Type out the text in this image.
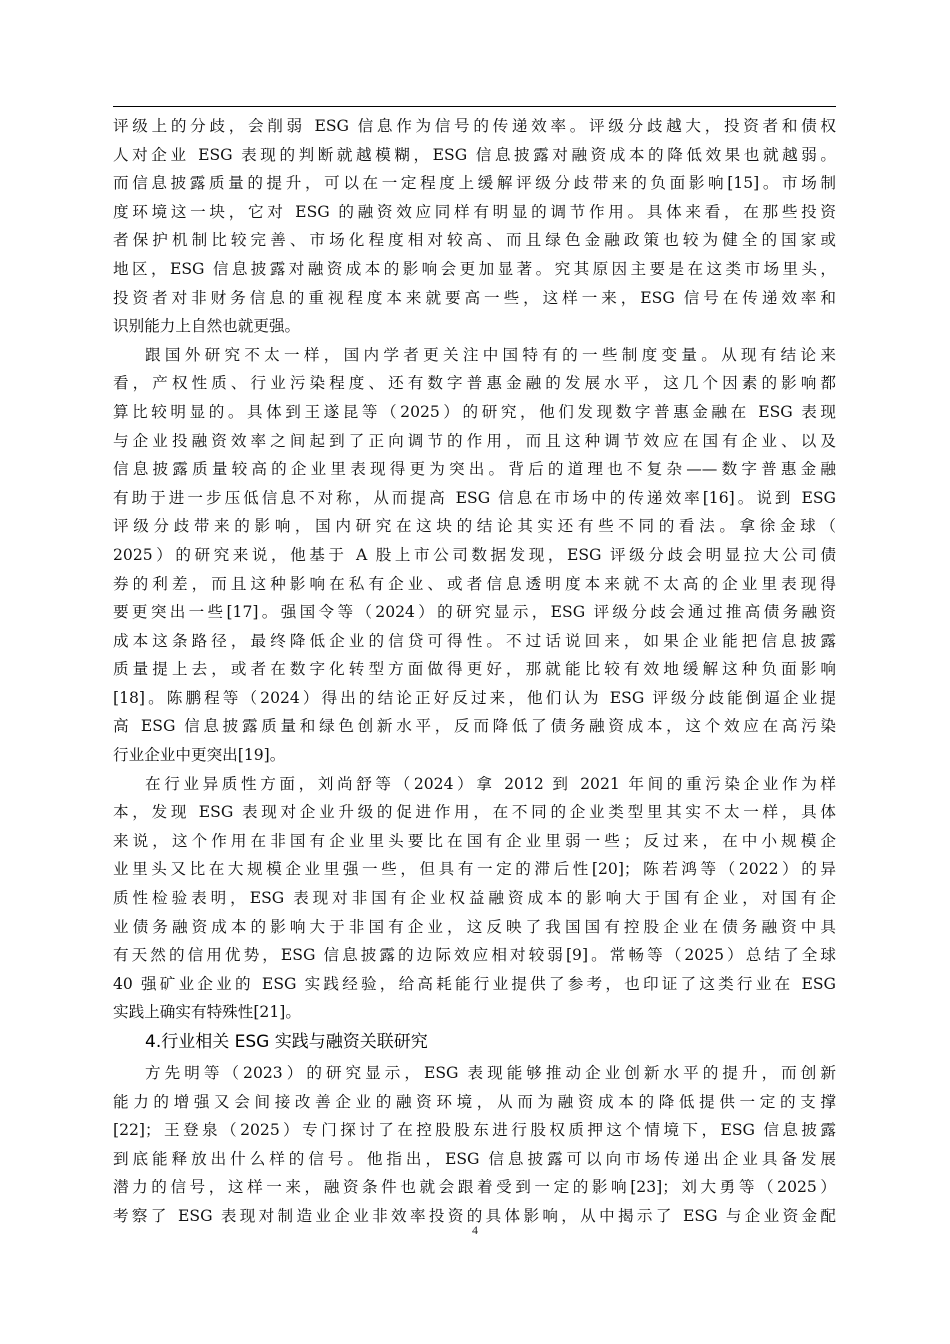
评级上的分歧，会削弱 ESG 信息作为信号的传递效率。评级分歧越大，投资者和债权
人对企业 ESG 表现的判断就越模糊，ESG 信息披露对融资成本的降低效果也就越弱。
而信息披露质量的提升，可以在一定程度上缓解评级分歧带来的负面影响[15]。市场制
度环境这一块，它对 ESG 的融资效应同样有明显的调节作用。具体来看，在那些投资
者保护机制比较完善、市场化程度相对较高、而且绿色金融政策也较为健全的国家或
地区，ESG 信息披露对融资成本的影响会更加显著。究其原因主要是在这类市场里头，
投资者对非财务信息的重视程度本来就要高一些，这样一来，ESG 信号在传递效率和
识别能力上自然也就更强。
跟国外研究不太一样，国内学者更关注中国特有的一些制度变量。从现有结论来
看，产权性质、行业污染程度、还有数字普惠金融的发展水平，这几个因素的影响都
算比较明显的。具体到王遂昆等（2025）的研究，他们发现数字普惠金融在 ESG 表现
与企业投融资效率之间起到了正向调节的作用，而且这种调节效应在国有企业、以及
信息披露质量较高的企业里表现得更为突出。背后的道理也不复杂——数字普惠金融
有助于进一步压低信息不对称，从而提高 ESG 信息在市场中的传递效率[16]。说到 ESG
评级分歧带来的影响，国内研究在这块的结论其实还有些不同的看法。拿徐金球（
2025）的研究来说，他基于 A 股上市公司数据发现，ESG 评级分歧会明显拉大公司债
券的利差，而且这种影响在私有企业、或者信息透明度本来就不太高的企业里表现得
要更突出一些[17]。强国令等（2024）的研究显示，ESG 评级分歧会通过推高债务融资
成本这条路径，最终降低企业的信贷可得性。不过话说回来，如果企业能把信息披露
质量提上去，或者在数字化转型方面做得更好，那就能比较有效地缓解这种负面影响
[18]。陈鹏程等（2024）得出的结论正好反过来，他们认为 ESG 评级分歧能倒逼企业提
高 ESG 信息披露质量和绿色创新水平，反而降低了债务融资成本，这个效应在高污染
行业企业中更突出[19]。
在行业异质性方面，刘尚舒等（2024）拿 2012 到 2021 年间的重污染企业作为样
本，发现 ESG 表现对企业升级的促进作用，在不同的企业类型里其实不太一样，具体
来说，这个作用在非国有企业里头要比在国有企业里弱一些；反过来，在中小规模企
业里头又比在大规模企业里强一些，但具有一定的滞后性[20]；陈若鸿等（2022）的异
质性检验表明，ESG 表现对非国有企业权益融资成本的影响大于国有企业，对国有企
业债务融资成本的影响大于非国有企业，这反映了我国国有控股企业在债务融资中具
有天然的信用优势，ESG 信息披露的边际效应相对较弱[9]。常畅等（2025）总结了全球
40 强矿业企业的 ESG 实践经验，给高耗能行业提供了参考，也印证了这类行业在 ESG
实践上确实有特殊性[21]。
4.行业相关 ESG 实践与融资关联研究
方先明等（2023）的研究显示，ESG 表现能够推动企业创新水平的提升，而创新
能力的增强又会间接改善企业的融资环境，从而为融资成本的降低提供一定的支撑
[22]；王登泉（2025）专门探讨了在控股股东进行股权质押这个情境下，ESG 信息披露
到底能释放出什么样的信号。他指出，ESG 信息披露可以向市场传递出企业具备发展
潜力的信号，这样一来，融资条件也就会跟着受到一定的影响[23]；刘大勇等（2025）
考察了 ESG 表现对制造业企业非效率投资的具体影响，从中揭示了 ESG 与企业资金配
4
